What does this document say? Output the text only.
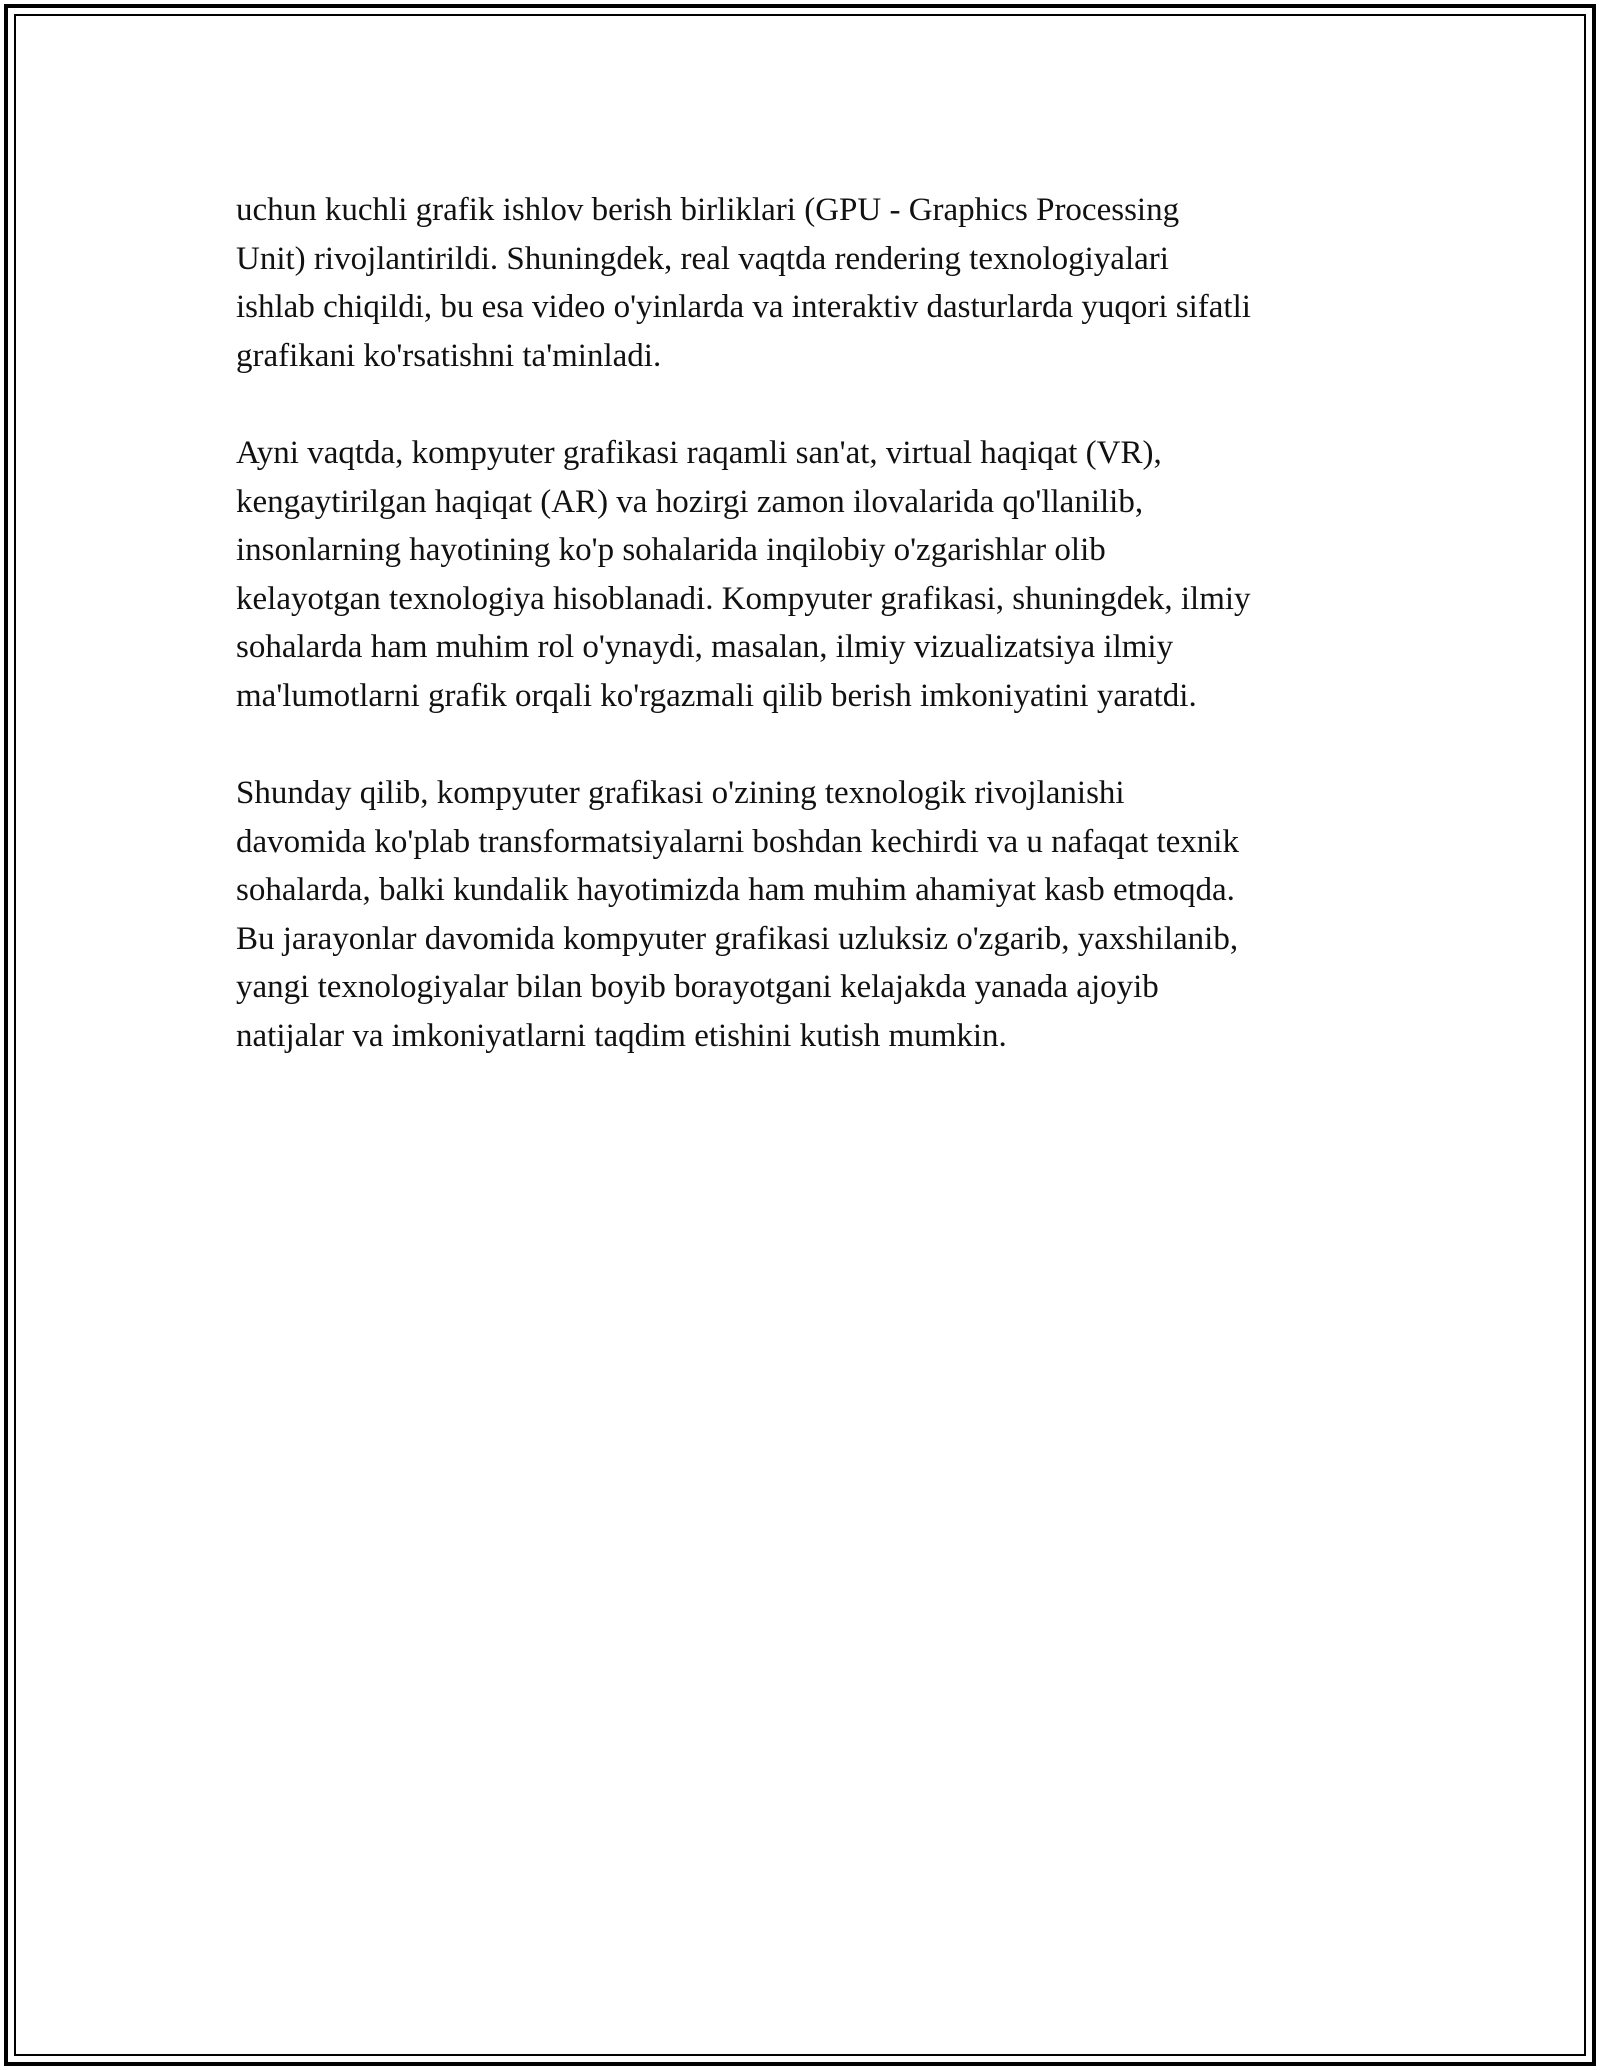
uchun kuchli grafik ishlov berish birliklari (GPU - Graphics Processing
Unit) rivojlantirildi. Shuningdek, real vaqtda rendering texnologiyalari
ishlab chiqildi, bu esa video o'yinlarda va interaktiv dasturlarda yuqori sifatli
grafikani ko'rsatishni ta'minladi.

Ayni vaqtda, kompyuter grafikasi raqamli san'at, virtual haqiqat (VR),
kengaytirilgan haqiqat (AR) va hozirgi zamon ilovalarida qo'llanilib,
insonlarning hayotining ko'p sohalarida inqilobiy o'zgarishlar olib
kelayotgan texnologiya hisoblanadi. Kompyuter grafikasi, shuningdek, ilmiy
sohalarda ham muhim rol o'ynaydi, masalan, ilmiy vizualizatsiya ilmiy
ma'lumotlarni grafik orqali ko'rgazmali qilib berish imkoniyatini yaratdi.

Shunday qilib, kompyuter grafikasi o'zining texnologik rivojlanishi
davomida ko'plab transformatsiyalarni boshdan kechirdi va u nafaqat texnik
sohalarda, balki kundalik hayotimizda ham muhim ahamiyat kasb etmoqda.
Bu jarayonlar davomida kompyuter grafikasi uzluksiz o'zgarib, yaxshilanib,
yangi texnologiyalar bilan boyib borayotgani kelajakda yanada ajoyib
natijalar va imkoniyatlarni taqdim etishini kutish mumkin.
